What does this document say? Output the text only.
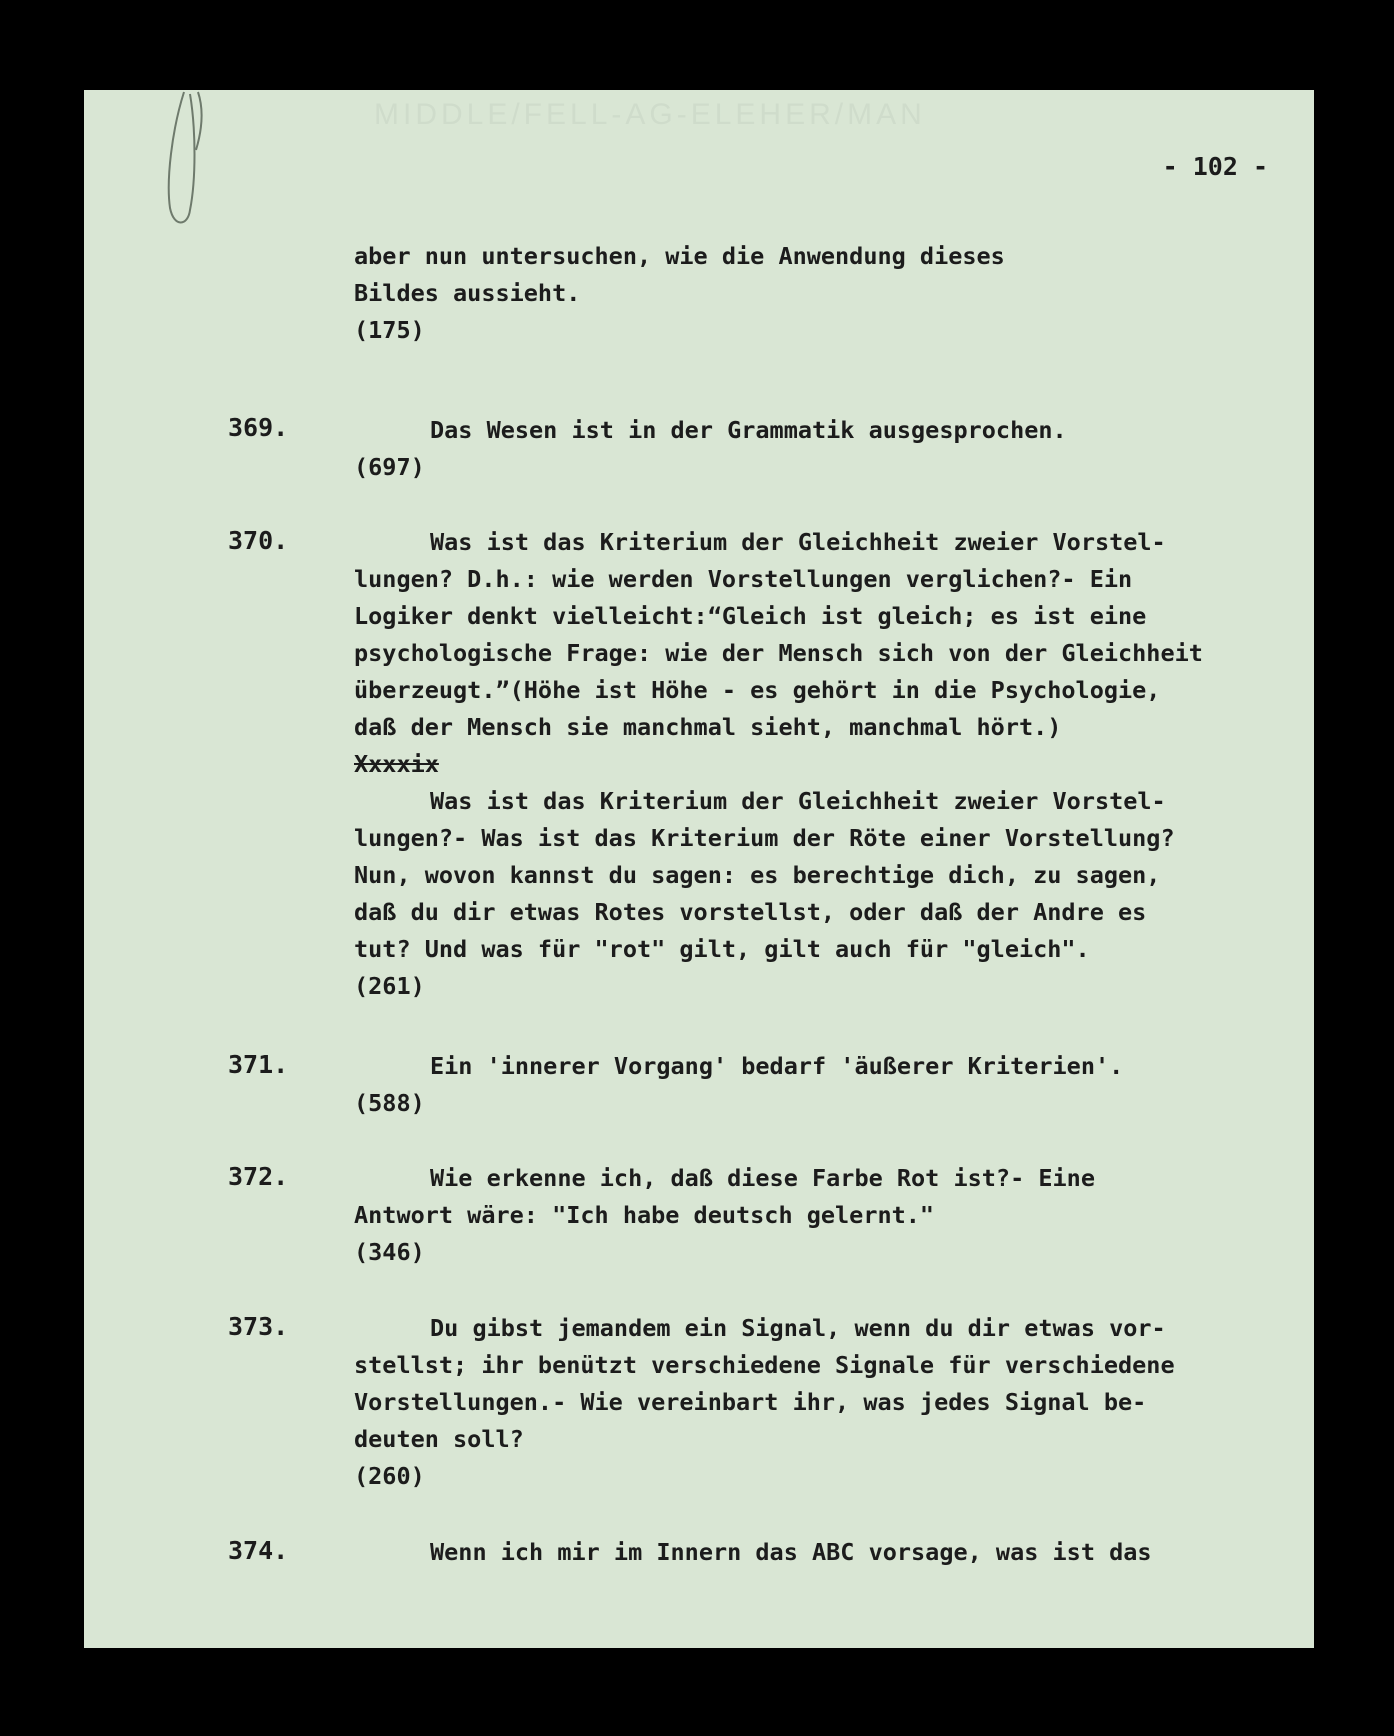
MIDDLE/FELL-AG-ELEHER/MAN
- 102 -
aber nun untersuchen, wie die Anwendung dieses
Bildes aussieht.
(175)
369.	Das Wesen ist in der Grammatik ausgesprochen.
(697)
370.	Was ist das Kriterium der Gleichheit zweier Vorstel-
lungen? D.h.: wie werden Vorstellungen verglichen?- Ein
Logiker denkt vielleicht:“Gleich ist gleich; es ist eine
psychologische Frage: wie der Mensch sich von der Gleichheit
überzeugt.”(Höhe ist Höhe - es gehört in die Psychologie,
daß der Mensch sie manchmal sieht, manchmal hört.)
Xxxxix
Was ist das Kriterium der Gleichheit zweier Vorstel-
lungen?- Was ist das Kriterium der Röte einer Vorstellung?
Nun, wovon kannst du sagen: es berechtige dich, zu sagen,
daß du dir etwas Rotes vorstellst, oder daß der Andre es
tut? Und was für "rot" gilt, gilt auch für "gleich".
(261)
371.	Ein 'innerer Vorgang' bedarf 'äußerer Kriterien'.
(588)
372.	Wie erkenne ich, daß diese Farbe Rot ist?- Eine
Antwort wäre: "Ich habe deutsch gelernt."
(346)
373.	Du gibst jemandem ein Signal, wenn du dir etwas vor-
stellst; ihr benützt verschiedene Signale für verschiedene
Vorstellungen.- Wie vereinbart ihr, was jedes Signal be-
deuten soll?
(260)
374.	Wenn ich mir im Innern das ABC vorsage, was ist das
